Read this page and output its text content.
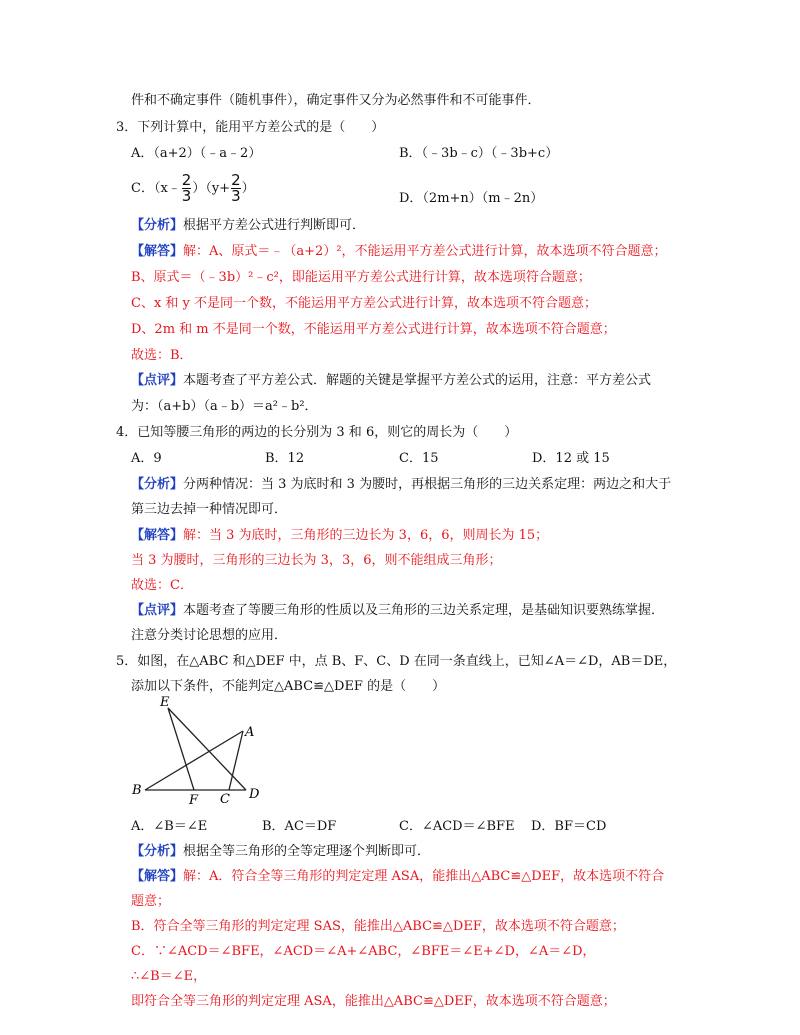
件和不确定事件（随机事件），确定事件又分为必然事件和不可能事件．
3．下列计算中，能用平方差公式的是（　　）
A．（a+2）（﹣a﹣2）	B．（﹣3b﹣c）（﹣3b+c）
C．（x﹣ $\frac{2}{3} )(y+ \frac{2}{3}$ ）
D．（2m+n）（m﹣2n）
【分析】根据平方差公式进行判断即可．
【解答】解：A、原式＝﹣（a+2）²，不能运用平方差公式进行计算，故本选项不符合题意；
B、原式＝（﹣3b）²﹣c²，即能运用平方差公式进行计算，故本选项符合题意；
C、x 和 y 不是同一个数，不能运用平方差公式进行计算，故本选项不符合题意；
D、2m 和 m 不是同一个数，不能运用平方差公式进行计算，故本选项不符合题意；
故选：B．
【点评】本题考查了平方差公式．解题的关键是掌握平方差公式的运用，注意：平方差公式
为：（a+b）（a﹣b）＝a²﹣b²．
4．已知等腰三角形的两边的长分别为 3 和 6，则它的周长为（　　）
A．9	B．12	C．15	D．12 或 15
【分析】分两种情况：当 3 为底时和 3 为腰时，再根据三角形的三边关系定理：两边之和大于
第三边去掉一种情况即可．
【解答】解：当 3 为底时，三角形的三边长为 3，6，6，则周长为 15；
当 3 为腰时，三角形的三边长为 3，3，6，则不能组成三角形；
故选：C．
【点评】本题考查了等腰三角形的性质以及三角形的三边关系定理，是基础知识要熟练掌握．
注意分类讨论思想的应用．
5．如图，在△ABC 和△DEF 中，点 B、F、C、D 在同一条直线上，已知∠A＝∠D，AB＝DE，
添加以下条件，不能判定△ABC≌△DEF 的是（　　）
E
A
B
F C D
A．∠B＝∠E	B．AC＝DF	C．∠ACD＝∠BFE D．BF＝CD
【分析】根据全等三角形的全等定理逐个判断即可．
【解答】解：A．符合全等三角形的判定定理 ASA，能推出△ABC≌△DEF，故本选项不符合
题意；
B．符合全等三角形的判定定理 SAS，能推出△ABC≌△DEF，故本选项不符合题意；
C．∵∠ACD＝∠BFE，∠ACD＝∠A+∠ABC，∠BFE＝∠E+∠D，∠A＝∠D，
∴∠B＝∠E，
即符合全等三角形的判定定理 ASA，能推出△ABC≌△DEF，故本选项不符合题意；
